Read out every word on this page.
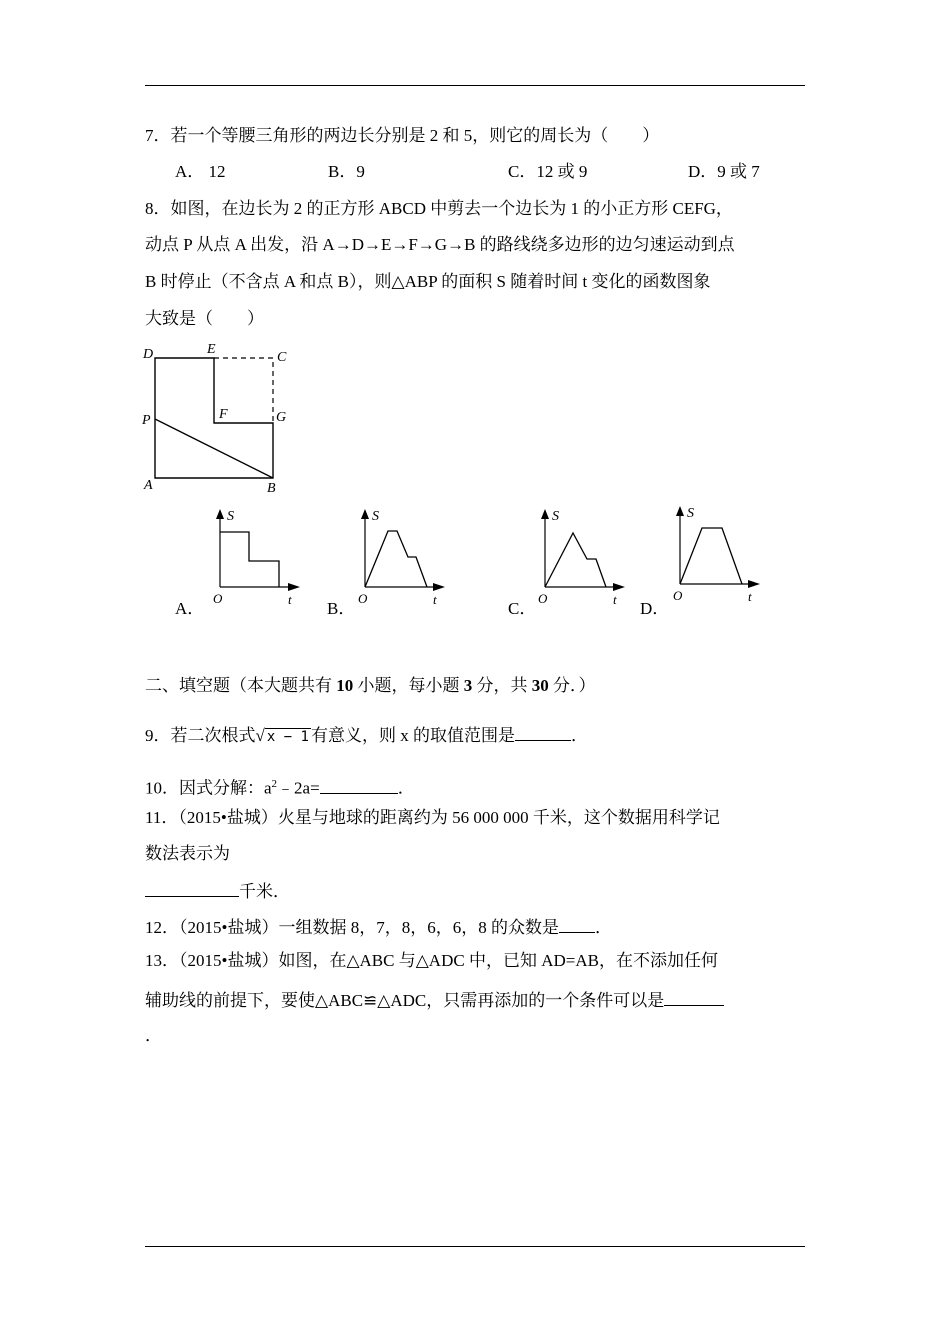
7．若一个等腰三角形的两边长分别是 2 和 5，则它的周长为（　　）
A． 12	B．9	C．12 或 9	D．9 或 7
8．如图，在边长为 2 的正方形 ABCD 中剪去一个边长为 1 的小正方形 CEFG，
动点 P 从点 A 出发，沿 A→D→E→F→G→B 的路线绕多边形的边匀速运动到点
B 时停止（不含点 A 和点 B），则△ABP 的面积 S 随着时间 t 变化的函数图象
大致是（　　）
D	E
C
P	F	G
A	B
S
O	t
A．
S
O	t
B．
S
O	t
C．
S
O	t
D．
二、填空题（本大题共有 10 小题，每小题 3 分，共 30 分．）
9．若二次根式√ x − 1 有意义，则 x 的取值范围是	．
10．因式分解：$a^2﹣2a=$	．
11．（2015•盐城）火星与地球的距离约为 56 000 000 千米，这个数据用科学记
数法表示为
千米．
12．（2015•盐城）一组数据 8，7，8，6，6，8 的众数是 ．
13．（2015•盐城）如图，在△ABC 与△ADC 中，已知 AD=AB，在不添加任何
辅助线的前提下，要使△ABC≌△ADC，只需再添加的一个条件可以是
．
